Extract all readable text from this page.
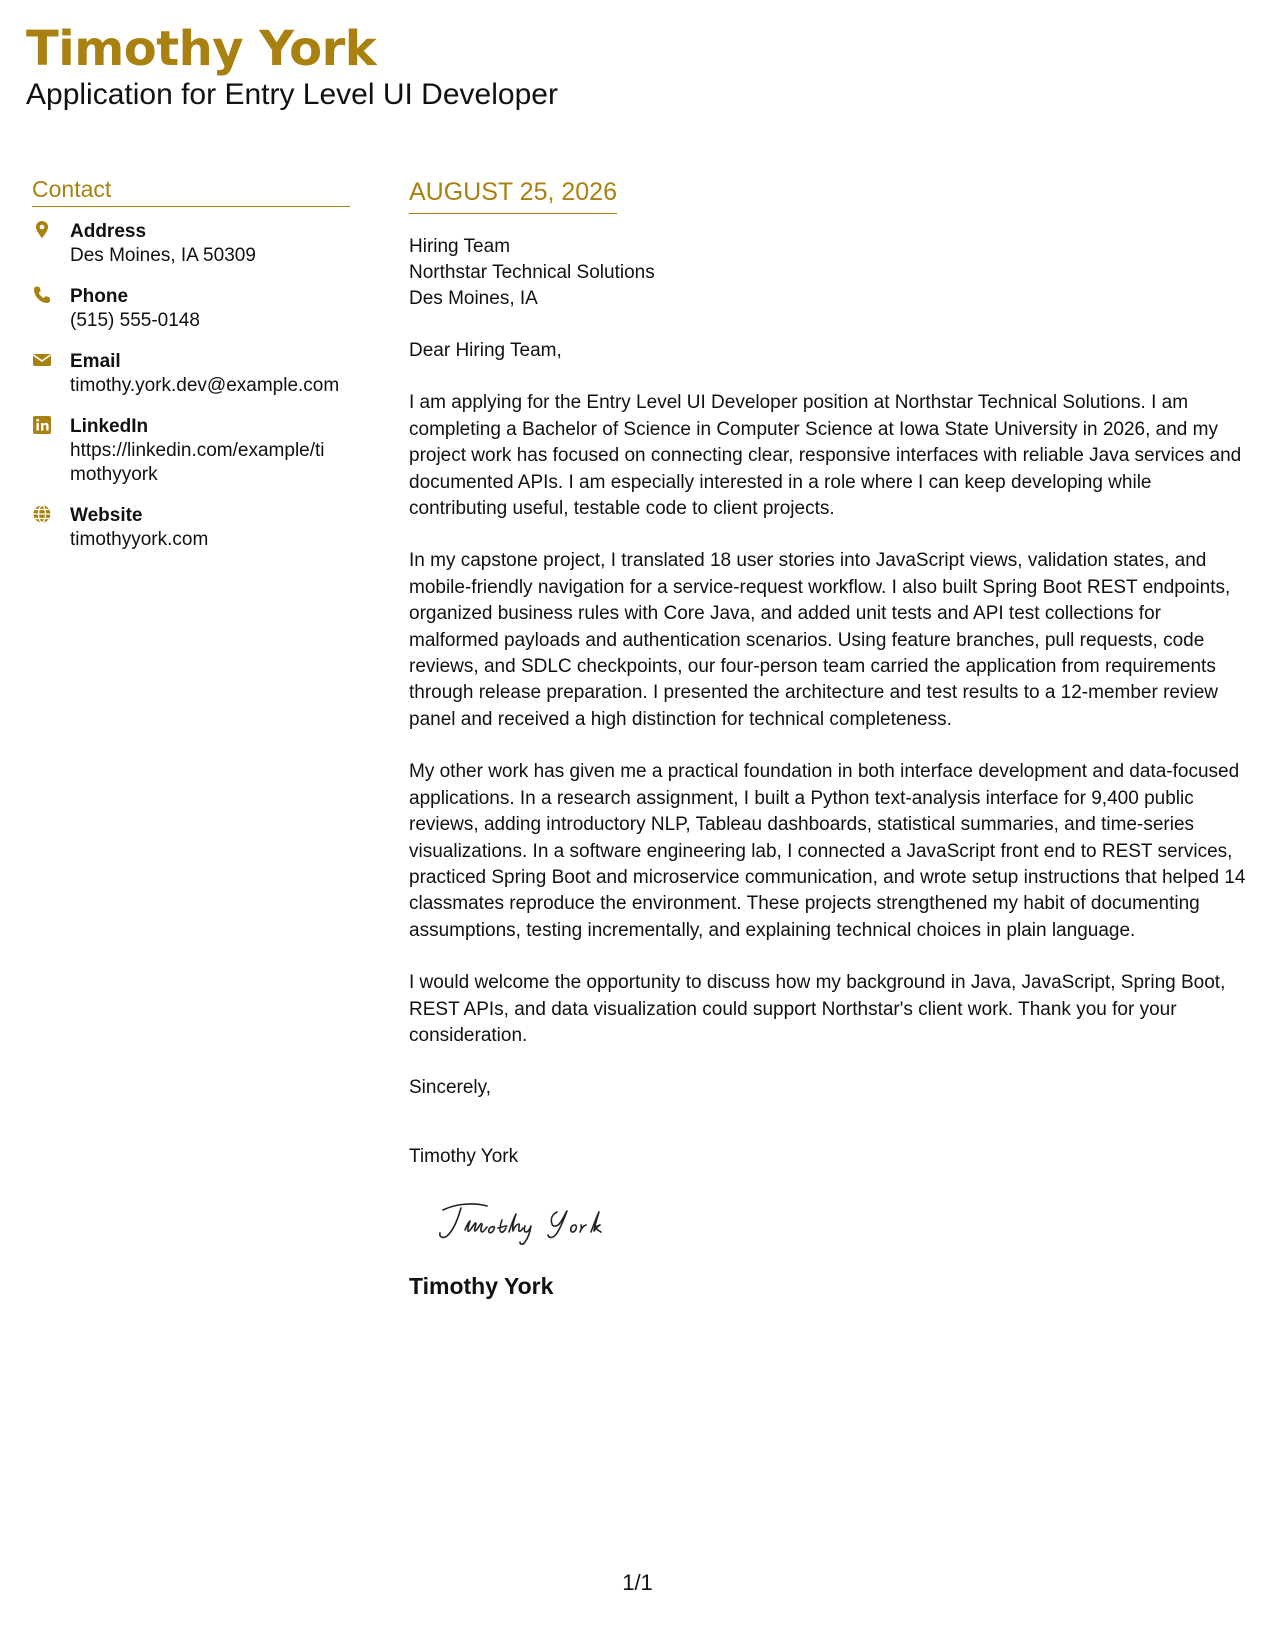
Timothy York
Application for Entry Level UI Developer
Contact
Address
Des Moines, IA 50309
Phone
(515) 555-0148
Email
timothy.york.dev@example.com
LinkedIn
https://linkedin.com/example/timothyyork
Website
timothyyork.com
AUGUST 25, 2026
Hiring Team
Northstar Technical Solutions
Des Moines, IA

Dear Hiring Team,

I am applying for the Entry Level UI Developer position at Northstar Technical Solutions. I am completing a Bachelor of Science in Computer Science at Iowa State University in 2026, and my project work has focused on connecting clear, responsive interfaces with reliable Java services and documented APIs. I am especially interested in a role where I can keep developing while contributing useful, testable code to client projects.

In my capstone project, I translated 18 user stories into JavaScript views, validation states, and mobile-friendly navigation for a service-request workflow. I also built Spring Boot REST endpoints, organized business rules with Core Java, and added unit tests and API test collections for malformed payloads and authentication scenarios. Using feature branches, pull requests, code reviews, and SDLC checkpoints, our four-person team carried the application from requirements through release preparation. I presented the architecture and test results to a 12-member review panel and received a high distinction for technical completeness.

My other work has given me a practical foundation in both interface development and data-focused applications. In a research assignment, I built a Python text-analysis interface for 9,400 public reviews, adding introductory NLP, Tableau dashboards, statistical summaries, and time-series visualizations. In a software engineering lab, I connected a JavaScript front end to REST services, practiced Spring Boot and microservice communication, and wrote setup instructions that helped 14 classmates reproduce the environment. These projects strengthened my habit of documenting assumptions, testing incrementally, and explaining technical choices in plain language.

I would welcome the opportunity to discuss how my background in Java, JavaScript, Spring Boot, REST APIs, and data visualization could support Northstar's client work. Thank you for your consideration.

Sincerely,

Timothy York
Timothy York
1/1
